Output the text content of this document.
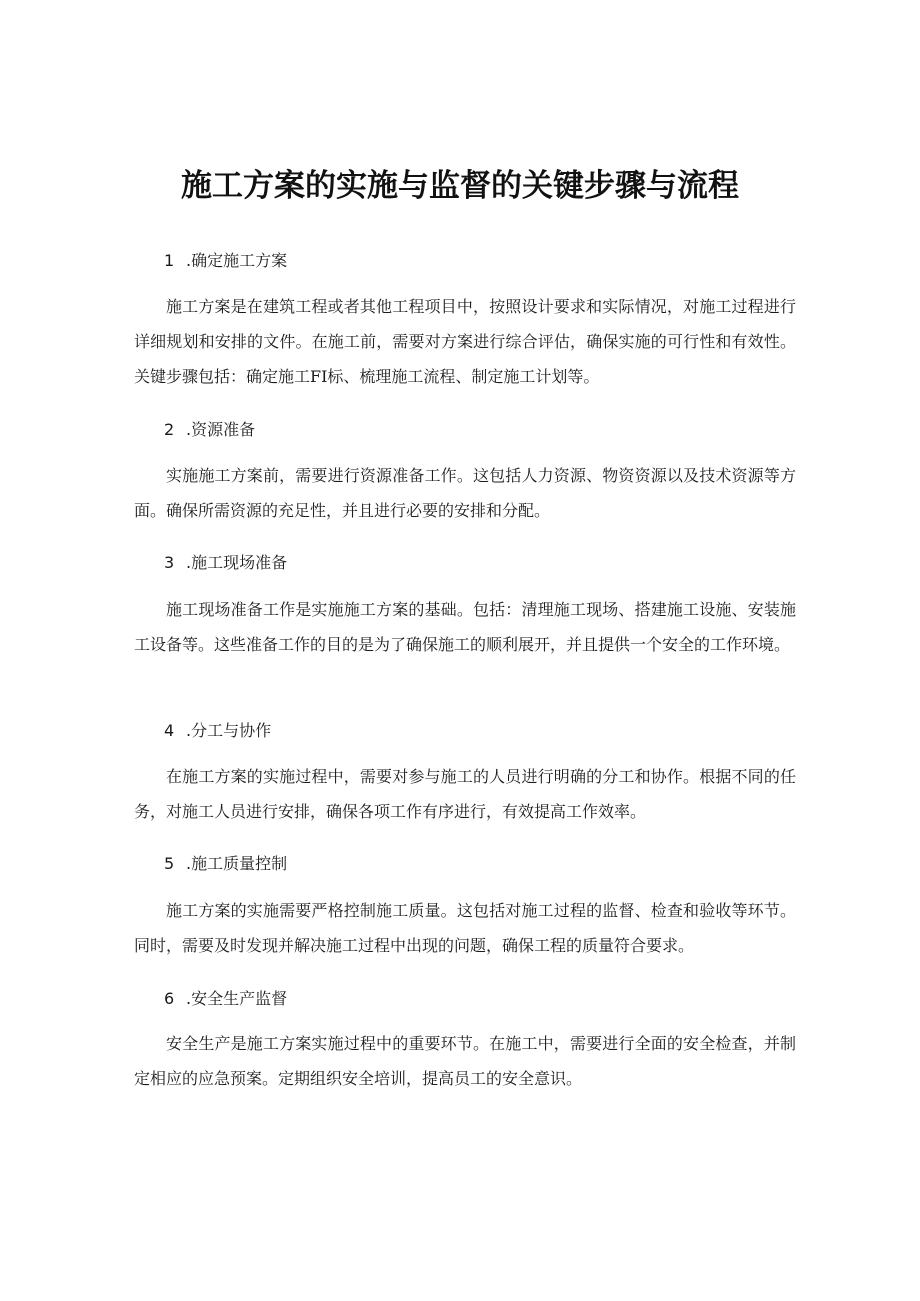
施工方案的实施与监督的关键步骤与流程
1 .确定施工方案
施工方案是在建筑工程或者其他工程项目中，按照设计要求和实际情况，对施工过程进行详细规划和安排的文件。在施工前，需要对方案进行综合评估，确保实施的可行性和有效性。关键步骤包括：确定施工FI标、梳理施工流程、制定施工计划等。
2 .资源准备
实施施工方案前，需要进行资源准备工作。这包括人力资源、物资资源以及技术资源等方面。确保所需资源的充足性，并且进行必要的安排和分配。
3 .施工现场准备
施工现场准备工作是实施施工方案的基础。包括：清理施工现场、搭建施工设施、安装施工设备等。这些准备工作的目的是为了确保施工的顺利展开，并且提供一个安全的工作环境。
4 .分工与协作
在施工方案的实施过程中，需要对参与施工的人员进行明确的分工和协作。根据不同的任务，对施工人员进行安排，确保各项工作有序进行，有效提高工作效率。
5 .施工质量控制
施工方案的实施需要严格控制施工质量。这包括对施工过程的监督、检查和验收等环节。同时，需要及时发现并解决施工过程中出现的问题，确保工程的质量符合要求。
6 .安全生产监督
安全生产是施工方案实施过程中的重要环节。在施工中，需要进行全面的安全检查，并制定相应的应急预案。定期组织安全培训，提高员工的安全意识。
